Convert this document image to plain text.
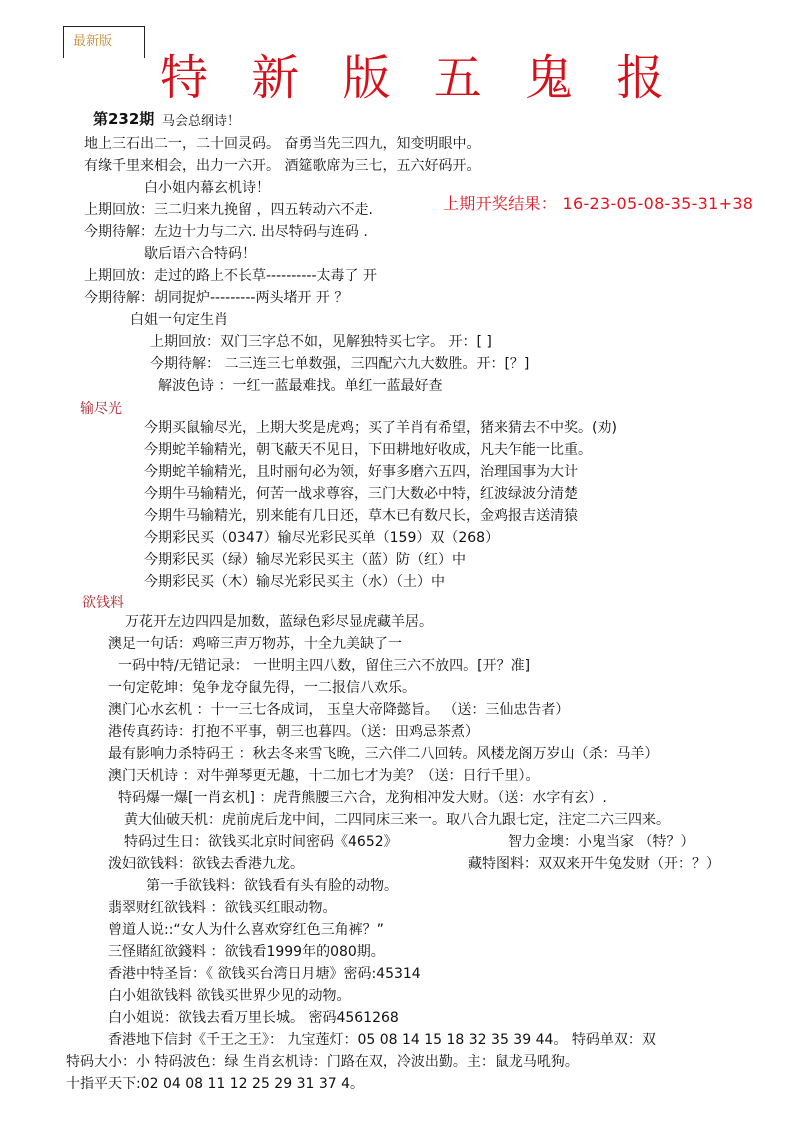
最新版
特 新 版 五 鬼 报
第232期 马会总纲诗！
上期开奖结果： 16-23-05-08-35-31+38
地上三石出二一，二十回灵码。 奋勇当先三四九，知变明眼中。
有缘千里来相会，出力一六开。 酒筵歌席为三七，五六好码开。
白小姐内幕玄机诗！
上期回放：三二归来九挽留 ，四五转动六不走.
今期待解：左边十力与二六. 出尽特码与连码 .
歇后语六合特码！
上期回放：走过的路上不长草----------太毒了 开
今期待解：胡同捉炉---------两头堵开 开 ？
白姐一句定生肖
上期回放：双门三字总不如，见解独特买七字。 开：[ ]
今期待解： 二三连三七单数强，三四配六九大数胜。开：[？]
解波色诗 ：一红一蓝最难找。单红一蓝最好查
输尽光
今期买鼠输尽光，上期大奖是虎鸡；买了羊肖有希望，猪来猜去不中奖。(劝)
今期蛇羊输精光，朝飞蔽天不见日，下田耕地好收成，凡夫乍能一比重。
今期蛇羊输精光，且时丽句必为领，好事多磨六五四，治理国事为大计
今期牛马输精光，何苦一战求尊容，三门大数必中特，红波绿波分清楚
今期牛马输精光，别来能有几日还，草木已有数尺长，金鸡报吉送清猿
今期彩民买（0347）输尽光彩民买单（159）双（268）
今期彩民买（绿）输尽光彩民买主（蓝）防（红）中
今期彩民买（木）输尽光彩民买主（水）（土）中
欲钱料
万花开左边四四是加数，蓝绿色彩尽显虎藏羊居。
澳足一句话：鸡啼三声万物苏，十全九美缺了一
一码中特/无错记录： 一世明主四八数，留住三六不放四。[开？准]
一句定乾坤：兔争龙夺鼠先得，一二报信八欢乐。
澳门心水玄机 ：十一三七各成词， 玉皇大帝降懿旨。 （送：三仙忠告者）
港传真药诗：打抱不平事，朝三也暮四。（送：田鸡忌茶煮）
最有影响力杀特码王 ：秋去冬来雪飞晚，三六伴二八回转。风楼龙阁万岁山（杀：马羊）
澳门天机诗 ：对牛弹琴更无趣，十二加七才为美？（送：日行千里）。
特码爆一爆[一肖玄机] ：虎背熊腰三六合，龙狗相冲发大财。（送：水字有玄）.
黄大仙破天机：虎前虎后龙中间，二四同床三来一。取八合九跟七定，注定二六三四来。
特码过生日：欲钱买北京时间密码《4652》	智力金墺：小鬼当家 （特？）
泼妇欲钱料：欲钱去香港九龙。	藏特图料：双双来开牛兔发财（开：？）
第一手欲钱料：欲钱看有头有脸的动物。
翡翠财红欲钱料 ：欲钱买红眼动物。
曾道人说::“女人为什么喜欢穿红色三角裤？”
三怪賭紅欲錢料 ：欲钱看1999年的080期。
香港中特圣旨：《 欲钱买台湾日月塘》密码:45314
白小姐欲钱料 欲钱买世界少见的动物。
白小姐说：欲钱去看万里长城。 密码4561268
香港地下信封《千王之王》： 九宝莲灯：05 08 14 15 18 32 35 39 44。 特码单双：双
特码大小：小 特码波色：绿 生肖玄机诗：门路在双，冷波出勤。主：鼠龙马吼狗。
十指平天下:02 04 08 11 12 25 29 31 37 4。
